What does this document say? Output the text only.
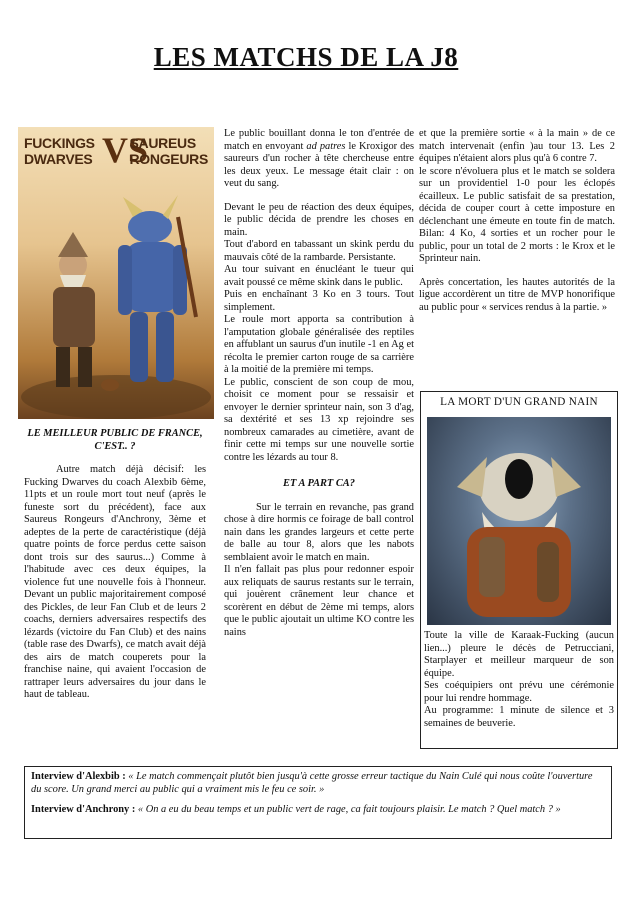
LES MATCHS DE LA J8
FUCKINGS
DWARVES VS
SAUREUS
RONGEURS

LE MEILLEUR PUBLIC DE FRANCE, C'EST.. ?

Autre match déjà décisif: les Fucking Dwarves du coach Alexbib 6ème, 11pts et un roule mort tout neuf (après le funeste sort du précédent), face aux Saureus Rongeurs d'Anchrony, 3ème et adeptes de la perte de caractéristique (déjà quatre points de force perdus cette saison dont trois sur des saurus...) Comme à l'habitude avec ces deux équipes, la violence fut une nouvelle fois à l'honneur. Devant un public majoritairement composé des Pickles, de leur Fan Club et de leurs 2 coachs, derniers adversaires respectifs des lézards (victoire du Fan Club) et des nains (table rase des Dwarfs), ce match avait déjà des airs de match couperets pour la franchise naine, qui avaient l'occasion de rattraper leurs adversaires du jour dans le haut de tableau.

Le public bouillant donna le ton d'entrée de match en envoyant ad patres le Kroxigor des saureurs d'un rocher à tête chercheuse entre les deux yeux. Le message était clair : on veut du sang.

Devant le peu de réaction des deux équipes, le public décida de prendre les choses en main.

Tout d'abord en tabassant un skink perdu du mauvais côté de la rambarde. Persistante.

Au tour suivant en énucléant le tueur qui avait poussé ce même skink dans le public.

Puis en enchaînant 3 Ko en 3 tours. Tout simplement.

Le roule mort apporta sa contribution à l'amputation globale généralisée des reptiles en affublant un saurus d'un inutile -1 en Ag et récolta le premier carton rouge de sa carrière à la moitié de la première mi temps.

Le public, conscient de son coup de mou, choisit ce moment pour se ressaisir et envoyer le dernier sprinteur nain, son 3 d'ag, sa dextérité et ses 13 xp rejoindre ses nombreux camarades au cimetière, avant de finir cette mi temps sur une nouvelle sortie contre les lézards au tour 8.

ET A PART CA?

Sur le terrain en revanche, pas grand chose à dire hormis ce foirage de ball control nain dans les grandes largeurs et cette perte de balle au tour 8, alors que les nabots semblaient avoir le match en main.

Il n'en fallait pas plus pour redonner espoir aux reliquats de saurus restants sur le terrain, qui jouèrent crânement leur chance et scorèrent en début de 2ème mi temps, alors que le public ajoutait un ultime KO contre les nains

et que la première sortie « à la main » de ce match intervenait (enfin )au tour 13. Les 2 équipes n'étaient alors plus qu'à 6 contre 7.

le score n'évoluera plus et le match se soldera sur un providentiel 1-0 pour les éclopés écailleux. Le public satisfait de sa prestation, décida de couper court à cette imposture en déclenchant une émeute en toute fin de match. Bilan: 4 Ko, 4 sorties et un rocher pour le public, pour un total de 2 morts : le Krox et le Sprinteur nain.

Après concertation, les hautes autorités de la ligue accordèrent un titre de MVP honorifique au public pour « services rendus à la partie. »

LA MORT D'UN GRAND NAIN

Toute la ville de Karaak-Fucking (aucun lien...) pleure le décès de Petrucciani, Starplayer et meilleur marqueur de son équipe.

Ses coéquipiers ont prévu une cérémonie pour lui rendre hommage.

Au programme: 1 minute de silence et 3 semaines de beuverie.

Interview d'Alexbib : « Le match commençait plutôt bien jusqu'à cette grosse erreur tactique du Nain Culé qui nous coûte l'ouverture du score. Un grand merci au public qui a vraiment mis le feu ce soir. »

Interview d'Anchrony : « On a eu du beau temps et un public vert de rage, ca fait toujours plaisir. Le match ? Quel match ? »
